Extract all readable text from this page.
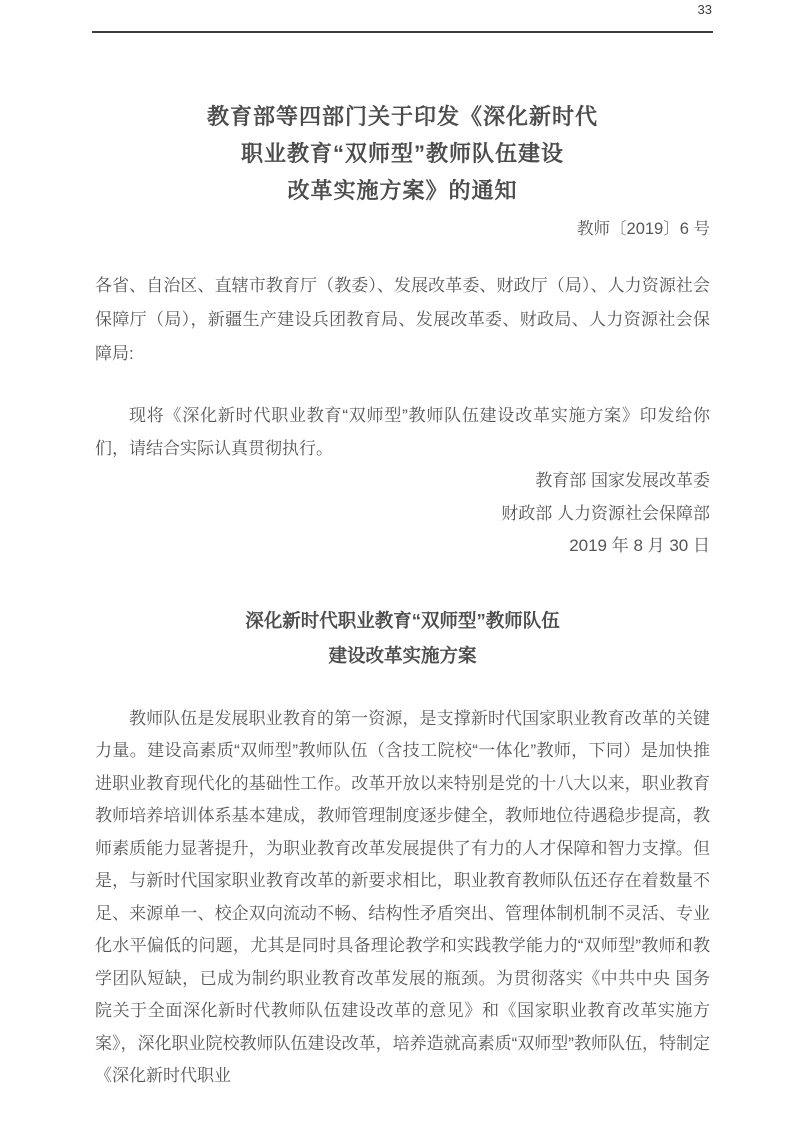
33
教育部等四部门关于印发《深化新时代
职业教育“双师型”教师队伍建设
改革实施方案》的通知
教师〔2019〕6 号

各省、自治区、直辖市教育厅（教委）、发展改革委、财政厅（局）、人力资源社会保障厅（局），新疆生产建设兵团教育局、发展改革委、财政局、人力资源社会保障局:

现将《深化新时代职业教育“双师型”教师队伍建设改革实施方案》印发给你们，请结合实际认真贯彻执行。

教育部 国家发展改革委
财政部 人力资源社会保障部
2019 年 8 月 30 日
深化新时代职业教育“双师型”教师队伍
建设改革实施方案

教师队伍是发展职业教育的第一资源，是支撑新时代国家职业教育改革的关键力量。建设高素质“双师型”教师队伍（含技工院校“一体化”教师，下同）是加快推进职业教育现代化的基础性工作。改革开放以来特别是党的十八大以来，职业教育教师培养培训体系基本建成，教师管理制度逐步健全，教师地位待遇稳步提高，教师素质能力显著提升，为职业教育改革发展提供了有力的人才保障和智力支撑。但是，与新时代国家职业教育改革的新要求相比，职业教育教师队伍还存在着数量不足、来源单一、校企双向流动不畅、结构性矛盾突出、管理体制机制不灵活、专业化水平偏低的问题，尤其是同时具备理论教学和实践教学能力的“双师型”教师和教学团队短缺，已成为制约职业教育改革发展的瓶颈。为贯彻落实《中共中央 国务院关于全面深化新时代教师队伍建设改革的意见》和《国家职业教育改革实施方案》，深化职业院校教师队伍建设改革，培养造就高素质“双师型”教师队伍，特制定《深化新时代职业
